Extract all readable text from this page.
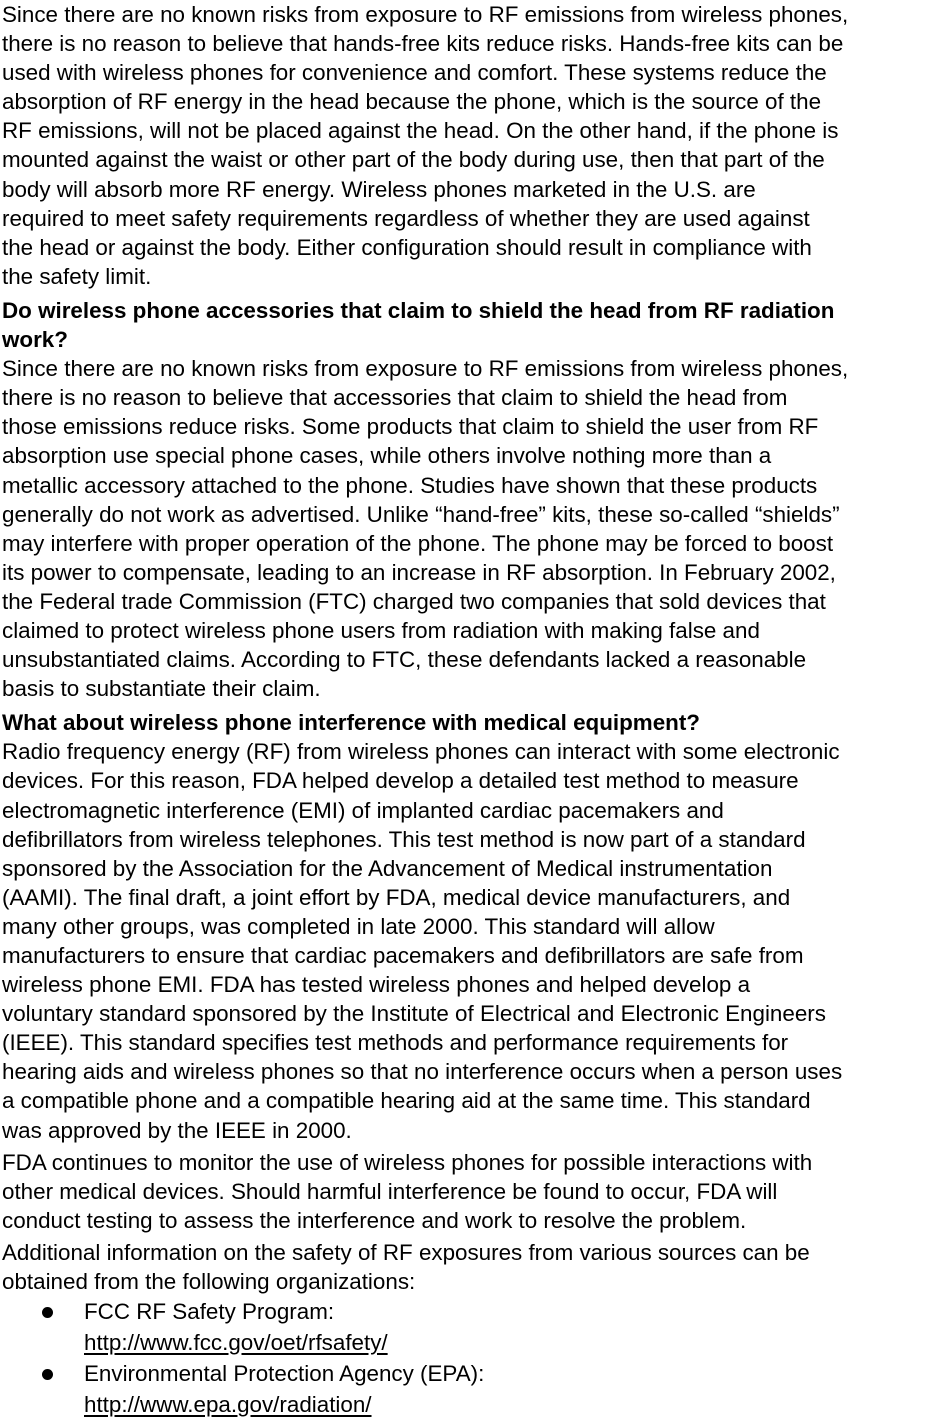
Since there are no known risks from exposure to RF emissions from wireless phones,
there is no reason to believe that hands-free kits reduce risks. Hands-free kits can be
used with wireless phones for convenience and comfort. These systems reduce the
absorption of RF energy in the head because the phone, which is the source of the
RF emissions, will not be placed against the head. On the other hand, if the phone is
mounted against the waist or other part of the body during use, then that part of the
body will absorb more RF energy. Wireless phones marketed in the U.S. are
required to meet safety requirements regardless of whether they are used against
the head or against the body. Either configuration should result in compliance with
the safety limit.

Do wireless phone accessories that claim to shield the head from RF radiation
work?

Since there are no known risks from exposure to RF emissions from wireless phones,
there is no reason to believe that accessories that claim to shield the head from
those emissions reduce risks. Some products that claim to shield the user from RF
absorption use special phone cases, while others involve nothing more than a
metallic accessory attached to the phone. Studies have shown that these products
generally do not work as advertised. Unlike “hand-free” kits, these so-called “shields”
may interfere with proper operation of the phone. The phone may be forced to boost
its power to compensate, leading to an increase in RF absorption. In February 2002,
the Federal trade Commission (FTC) charged two companies that sold devices that
claimed to protect wireless phone users from radiation with making false and
unsubstantiated claims. According to FTC, these defendants lacked a reasonable
basis to substantiate their claim.

What about wireless phone interference with medical equipment?

Radio frequency energy (RF) from wireless phones can interact with some electronic
devices. For this reason, FDA helped develop a detailed test method to measure
electromagnetic interference (EMI) of implanted cardiac pacemakers and
defibrillators from wireless telephones. This test method is now part of a standard
sponsored by the Association for the Advancement of Medical instrumentation
(AAMI). The final draft, a joint effort by FDA, medical device manufacturers, and
many other groups, was completed in late 2000. This standard will allow
manufacturers to ensure that cardiac pacemakers and defibrillators are safe from
wireless phone EMI. FDA has tested wireless phones and helped develop a
voluntary standard sponsored by the Institute of Electrical and Electronic Engineers
(IEEE). This standard specifies test methods and performance requirements for
hearing aids and wireless phones so that no interference occurs when a person uses
a compatible phone and a compatible hearing aid at the same time. This standard
was approved by the IEEE in 2000.

FDA continues to monitor the use of wireless phones for possible interactions with
other medical devices. Should harmful interference be found to occur, FDA will
conduct testing to assess the interference and work to resolve the problem.

Additional information on the safety of RF exposures from various sources can be
obtained from the following organizations:

FCC RF Safety Program:
http://www.fcc.gov/oet/rfsafety/
Environmental Protection Agency (EPA):
http://www.epa.gov/radiation/
